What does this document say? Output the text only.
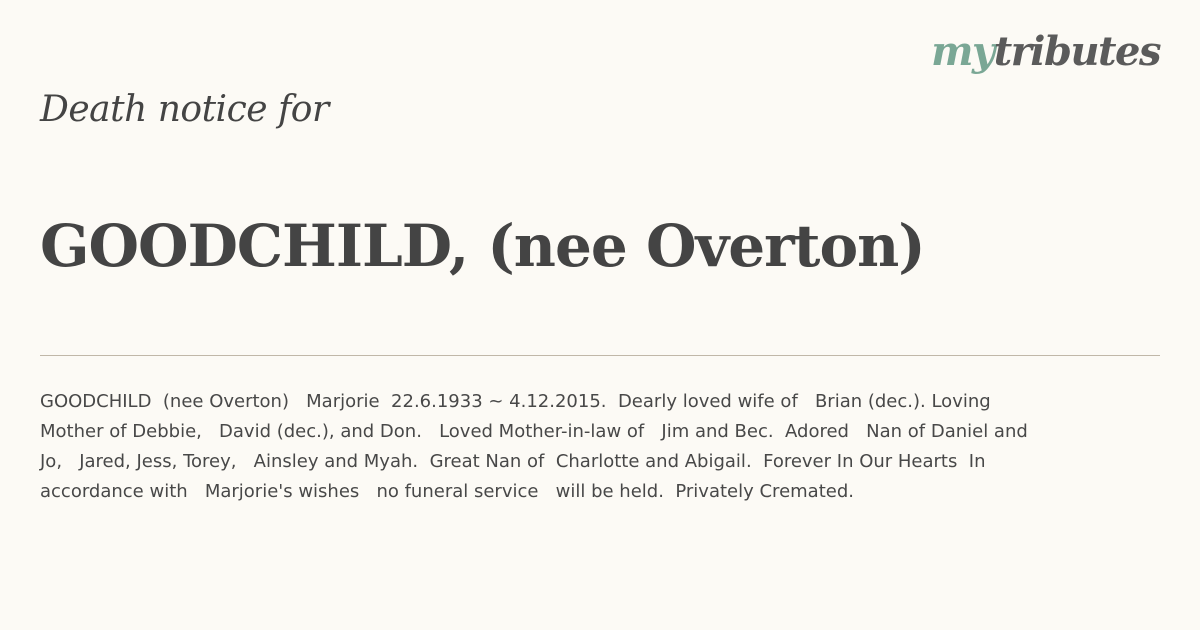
mytributes
Death notice for
GOODCHILD, (nee Overton)

GOODCHILD  (nee Overton)   Marjorie  22.6.1933 ~ 4.12.2015.  Dearly loved wife of   Brian (dec.). Loving
Mother of Debbie,   David (dec.), and Don.   Loved Mother-in-law of   Jim and Bec.  Adored   Nan of Daniel and
Jo,   Jared, Jess, Torey,   Ainsley and Myah.  Great Nan of  Charlotte and Abigail.  Forever In Our Hearts  In
accordance with   Marjorie's wishes   no funeral service   will be held.  Privately Cremated.
